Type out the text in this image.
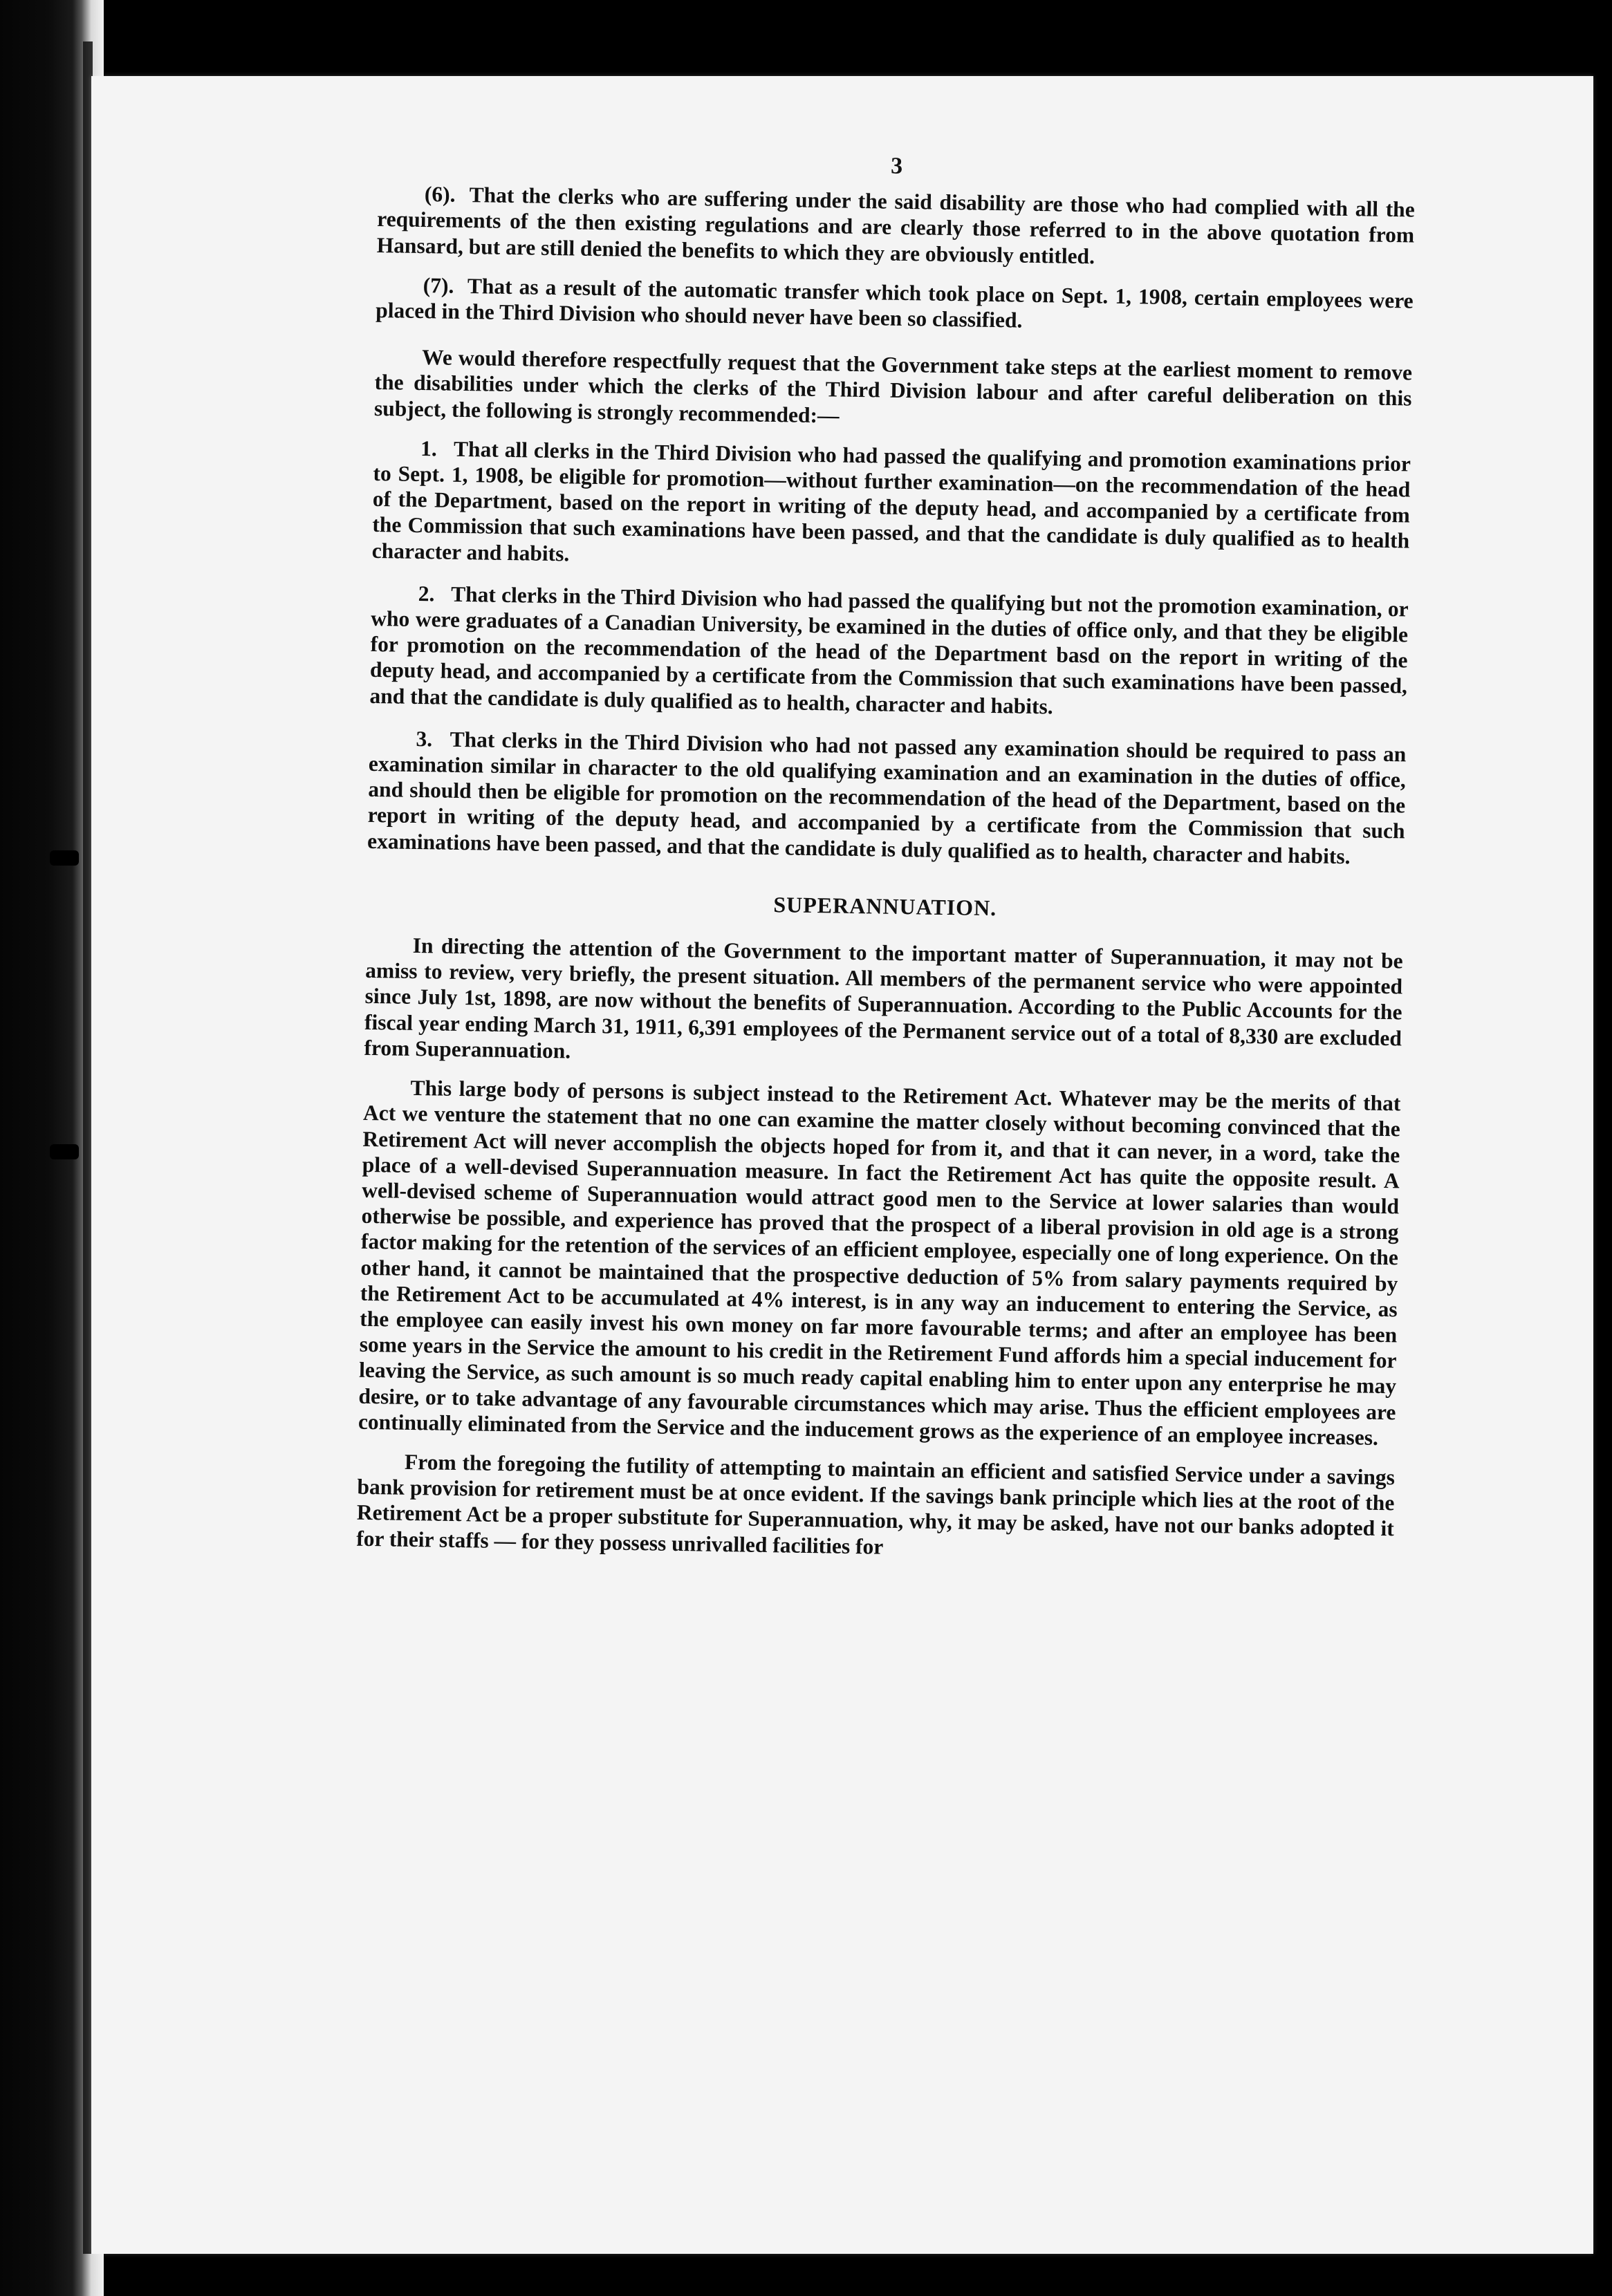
3

(6). That the clerks who are suffering under the said disability are those who had complied with all the requirements of the then existing regulations and are clearly those referred to in the above quotation from Hansard, but are still denied the benefits to which they are obviously entitled.

(7). That as a result of the automatic transfer which took place on Sept. 1, 1908, certain employees were placed in the Third Division who should never have been so classified.

We would therefore respectfully request that the Government take steps at the earliest moment to remove the disabilities under which the clerks of the Third Division labour and after careful deliberation on this subject, the following is strongly recommended:—

1. That all clerks in the Third Division who had passed the qualifying and promotion examinations prior to Sept. 1, 1908, be eligible for promotion—without further examination—on the recommendation of the head of the Department, based on the report in writing of the deputy head, and accompanied by a certificate from the Commission that such examinations have been passed, and that the candidate is duly qualified as to health character and habits.

2. That clerks in the Third Division who had passed the qualifying but not the promotion examination, or who were graduates of a Canadian University, be examined in the duties of office only, and that they be eligible for promotion on the recommendation of the head of the Department basd on the report in writing of the deputy head, and accompanied by a certificate from the Commission that such examinations have been passed, and that the candidate is duly qualified as to health, character and habits.

3. That clerks in the Third Division who had not passed any examination should be required to pass an examination similar in character to the old qualifying examination and an examination in the duties of office, and should then be eligible for promotion on the recommendation of the head of the Department, based on the report in writing of the deputy head, and accompanied by a certificate from the Commission that such examinations have been passed, and that the candidate is duly qualified as to health, character and habits.

SUPERANNUATION.

In directing the attention of the Government to the important matter of Superannuation, it may not be amiss to review, very briefly, the present situation. All members of the permanent service who were appointed since July 1st, 1898, are now without the benefits of Superannuation. According to the Public Accounts for the fiscal year ending March 31, 1911, 6,391 employees of the Permanent service out of a total of 8,330 are excluded from Superannuation.

This large body of persons is subject instead to the Retirement Act. Whatever may be the merits of that Act we venture the statement that no one can examine the matter closely without becoming convinced that the Retirement Act will never accomplish the objects hoped for from it, and that it can never, in a word, take the place of a well-devised Superannuation measure. In fact the Retirement Act has quite the opposite result. A well-devised scheme of Superannuation would attract good men to the Service at lower salaries than would otherwise be possible, and experience has proved that the prospect of a liberal provision in old age is a strong factor making for the retention of the services of an efficient employee, especially one of long experience. On the other hand, it cannot be maintained that the prospective deduction of 5% from salary payments required by the Retirement Act to be accumulated at 4% interest, is in any way an inducement to entering the Service, as the employee can easily invest his own money on far more favourable terms; and after an employee has been some years in the Service the amount to his credit in the Retirement Fund affords him a special inducement for leaving the Service, as such amount is so much ready capital enabling him to enter upon any enterprise he may desire, or to take advantage of any favourable circumstances which may arise. Thus the efficient employees are continually eliminated from the Service and the inducement grows as the experience of an employee increases.

From the foregoing the futility of attempting to maintain an efficient and satisfied Service under a savings bank provision for retirement must be at once evident. If the savings bank principle which lies at the root of the Retirement Act be a proper substitute for Superannuation, why, it may be asked, have not our banks adopted it for their staffs — for they possess unrivalled facilities for
